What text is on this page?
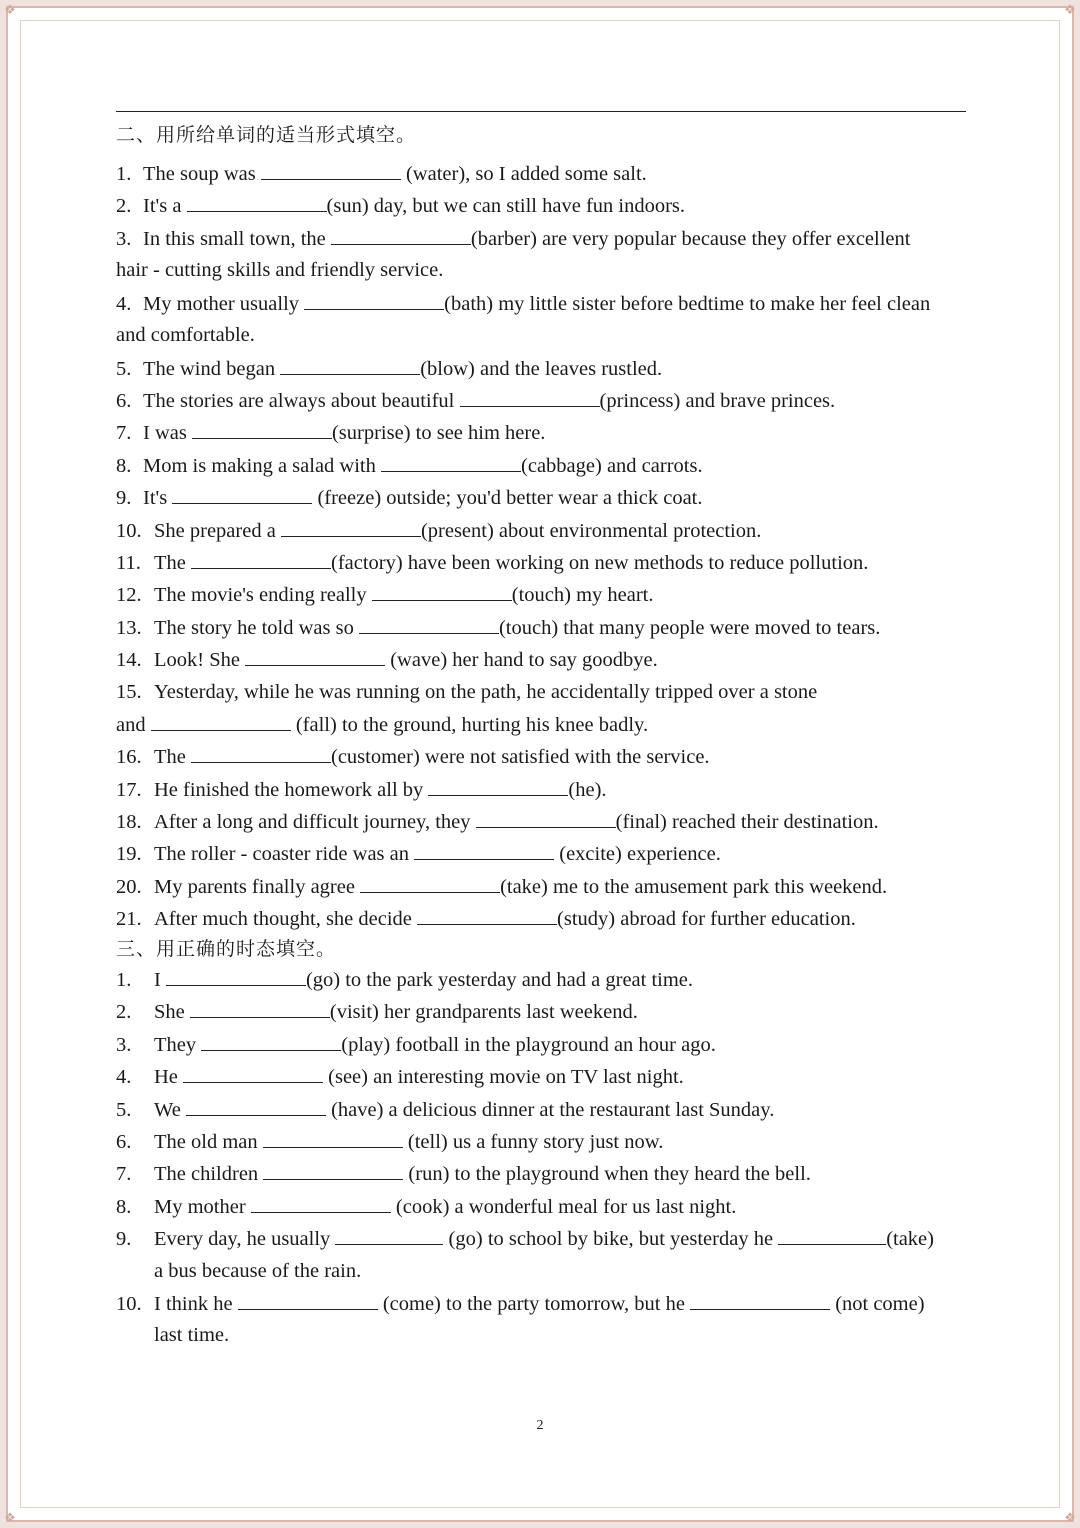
❖	❖
❖	❖
二、用所给单词的适当形式填空。
1. The soup was	(water), so I added some salt.
2. It's a	(sun) day, but we can still have fun indoors.
3. In this small town, the	(barber) are very popular because they offer excellent
hair - cutting skills and friendly service.
4. My mother usually	(bath) my little sister before bedtime to make her feel clean
and comfortable.
5. The wind began	(blow) and the leaves rustled.
6. The stories are always about beautiful	(princess) and brave princes.
7. I was	(surprise) to see him here.
8. Mom is making a salad with	(cabbage) and carrots.
9. It's	(freeze) outside; you'd better wear a thick coat.
10. She prepared a	(present) about environmental protection.
11. The	(factory) have been working on new methods to reduce pollution.
12. The movie's ending really	(touch) my heart.
13. The story he told was so	(touch) that many people were moved to tears.
14. Look! She	(wave) her hand to say goodbye.
15. Yesterday, while he was running on the path, he accidentally tripped over a stone
and	(fall) to the ground, hurting his knee badly.
16. The	(customer) were not satisfied with the service.
17. He finished the homework all by	(he).
18. After a long and difficult journey, they	(final) reached their destination.
19. The roller - coaster ride was an	(excite) experience.
20. My parents finally agree	(take) me to the amusement park this weekend.
21. After much thought, she decide	(study) abroad for further education.
三、用正确的时态填空。
1. I	(go) to the park yesterday and had a great time.
2. She	(visit) her grandparents last weekend.
3. They	(play) football in the playground an hour ago.
4. He	(see) an interesting movie on TV last night.
5. We	(have) a delicious dinner at the restaurant last Sunday.
6. The old man	(tell) us a funny story just now.
7. The children	(run) to the playground when they heard the bell.
8. My mother	(cook) a wonderful meal for us last night.
9. Every day, he usually	(go) to school by bike, but yesterday he	(take)
a bus because of the rain.
10. I think he	(come) to the party tomorrow, but he	(not come)
last time.
2
